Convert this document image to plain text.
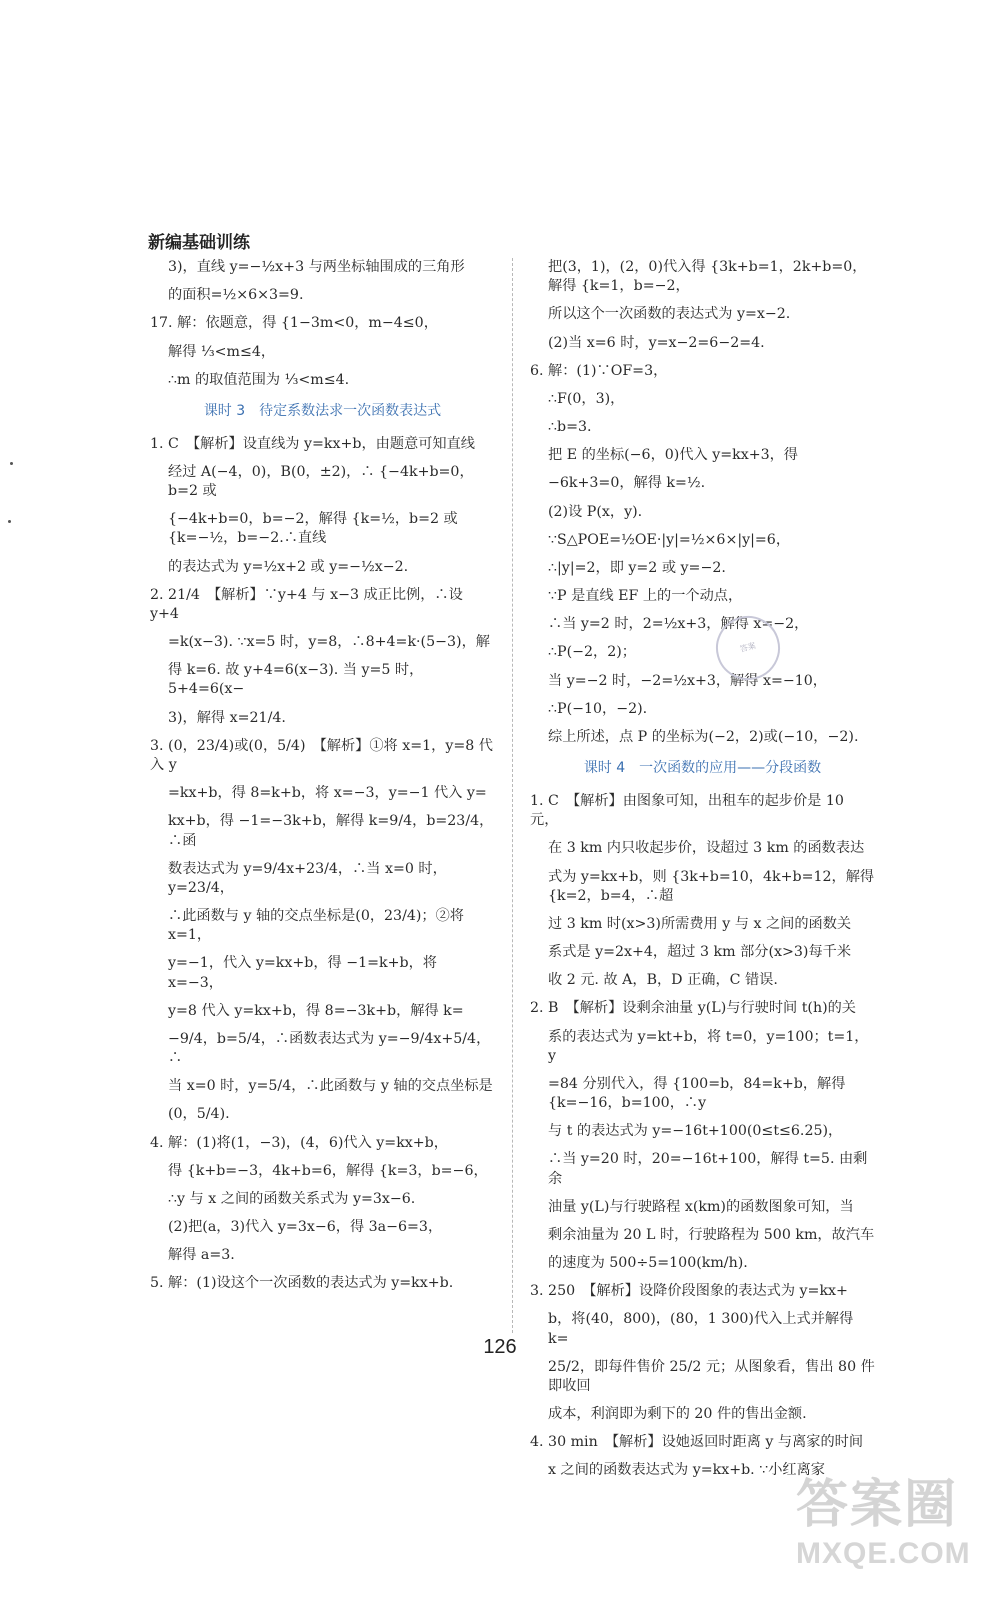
新编基础训练
3)，直线 y=−½x+3 与两坐标轴围成的三角形
的面积=½×6×3=9.
17. 解：依题意，得 {1−3m<0，m−4≤0，
解得 ⅓<m≤4，
∴m 的取值范围为 ⅓<m≤4.
课时 3　待定系数法求一次函数表达式
1. C　【解析】设直线为 y=kx+b，由题意可知直线
经过 A(−4，0)，B(0，±2)，∴ {−4k+b=0，b=2 或
{−4k+b=0，b=−2，解得 {k=½，b=2 或 {k=−½，b=−2.∴直线
的表达式为 y=½x+2 或 y=−½x−2.
2. 21/4　【解析】∵y+4 与 x−3 成正比例，∴设 y+4
=k(x−3). ∵x=5 时，y=8，∴8+4=k·(5−3)，解
得 k=6. 故 y+4=6(x−3). 当 y=5 时，5+4=6(x−
3)，解得 x=21/4.
3. (0，23/4)或(0，5/4)　【解析】①将 x=1，y=8 代入 y
=kx+b，得 8=k+b，将 x=−3，y=−1 代入 y=
kx+b，得 −1=−3k+b，解得 k=9/4，b=23/4，∴函
数表达式为 y=9/4x+23/4，∴当 x=0 时，y=23/4，
∴此函数与 y 轴的交点坐标是(0，23/4)；②将 x=1，
y=−1，代入 y=kx+b，得 −1=k+b，将 x=−3，
y=8 代入 y=kx+b，得 8=−3k+b，解得 k=
−9/4，b=5/4，∴函数表达式为 y=−9/4x+5/4，∴
当 x=0 时，y=5/4，∴此函数与 y 轴的交点坐标是
(0，5/4).
4. 解：(1)将(1，−3)，(4，6)代入 y=kx+b，
得 {k+b=−3，4k+b=6，解得 {k=3，b=−6，
∴y 与 x 之间的函数关系式为 y=3x−6.
(2)把(a，3)代入 y=3x−6，得 3a−6=3，
解得 a=3.
5. 解：(1)设这个一次函数的表达式为 y=kx+b.
把(3，1)，(2，0)代入得 {3k+b=1，2k+b=0，解得 {k=1，b=−2，
所以这个一次函数的表达式为 y=x−2.
(2)当 x=6 时，y=x−2=6−2=4.
6. 解：(1)∵OF=3，
∴F(0，3)，
∴b=3.
把 E 的坐标(−6，0)代入 y=kx+3，得
−6k+3=0，解得 k=½.
(2)设 P(x，y).
∵S△POE=½OE·|y|=½×6×|y|=6，
∴|y|=2，即 y=2 或 y=−2.
∵P 是直线 EF 上的一个动点，
∴当 y=2 时，2=½x+3，解得 x=−2，
∴P(−2，2)；
当 y=−2 时，−2=½x+3，解得 x=−10，
∴P(−10，−2).
综上所述，点 P 的坐标为(−2，2)或(−10，−2).
课时 4　一次函数的应用——分段函数
1. C　【解析】由图象可知，出租车的起步价是 10 元，
在 3 km 内只收起步价，设超过 3 km 的函数表达
式为 y=kx+b，则 {3k+b=10，4k+b=12，解得 {k=2，b=4，∴超
过 3 km 时(x>3)所需费用 y 与 x 之间的函数关
系式是 y=2x+4，超过 3 km 部分(x>3)每千米
收 2 元. 故 A，B，D 正确，C 错误.
2. B　【解析】设剩余油量 y(L)与行驶时间 t(h)的关
系的表达式为 y=kt+b，将 t=0，y=100；t=1，y
=84 分别代入，得 {100=b，84=k+b，解得 {k=−16，b=100，∴y
与 t 的表达式为 y=−16t+100(0≤t≤6.25)，
∴当 y=20 时，20=−16t+100，解得 t=5. 由剩余
油量 y(L)与行驶路程 x(km)的函数图象可知，当
剩余油量为 20 L 时，行驶路程为 500 km，故汽车
的速度为 500÷5=100(km/h).
3. 250　【解析】设降价段图象的表达式为 y=kx+
b，将(40，800)，(80，1 300)代入上式并解得 k=
25/2，即每件售价 25/2 元；从图象看，售出 80 件即收回
成本，利润即为剩下的 20 件的售出金额.
4. 30 min　【解析】设她返回时距离 y 与离家的时间
x 之间的函数表达式为 y=kx+b. ∵小红离家
答案
126
答案圈
MXQE.COM
